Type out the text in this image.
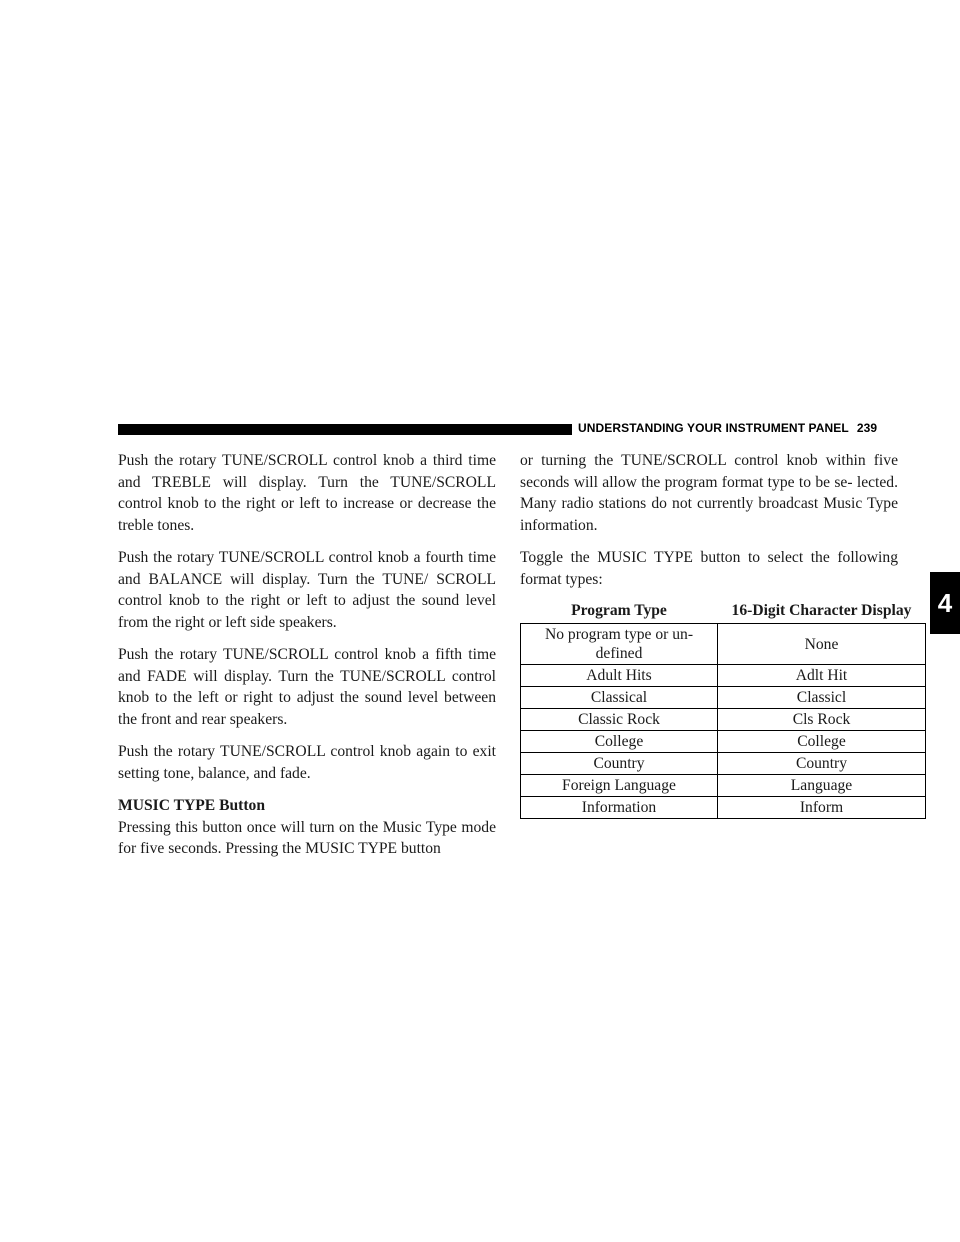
UNDERSTANDING YOUR INSTRUMENT PANEL 239
4

Push the rotary TUNE/SCROLL control knob a third time and TREBLE will display. Turn the TUNE/SCROLL control knob to the right or left to increase or decrease the treble tones.

Push the rotary TUNE/SCROLL control knob a fourth time and BALANCE will display. Turn the TUNE/ SCROLL control knob to the right or left to adjust the sound level from the right or left side speakers.

Push the rotary TUNE/SCROLL control knob a fifth time and FADE will display. Turn the TUNE/SCROLL control knob to the left or right to adjust the sound level between the front and rear speakers.

Push the rotary TUNE/SCROLL control knob again to exit setting tone, balance, and fade.

MUSIC TYPE Button

Pressing this button once will turn on the Music Type mode for five seconds. Pressing the MUSIC TYPE button

or turning the TUNE/SCROLL control knob within five seconds will allow the program format type to be se- lected. Many radio stations do not currently broadcast Music Type information.

Toggle the MUSIC TYPE button to select the following format types:

Program Type	16-Digit Character Display
No program type or un- defined	None
Adult Hits	Adlt Hit
Classical	Classicl
Classic Rock	Cls Rock
College	College
Country	Country
Foreign Language	Language
Information	Inform
